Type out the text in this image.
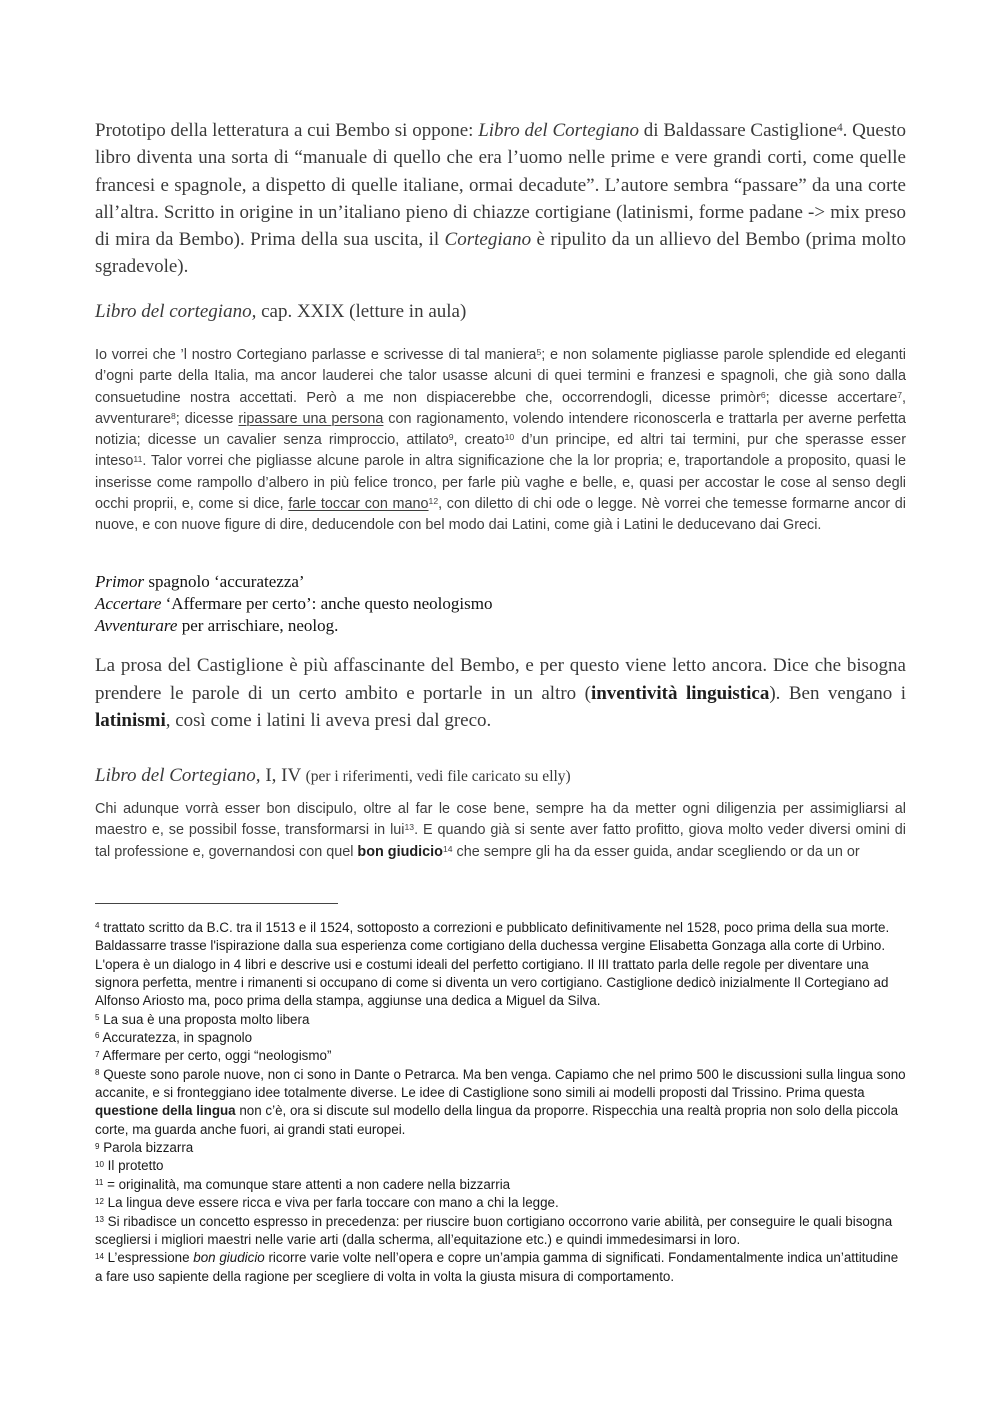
Prototipo della letteratura a cui Bembo si oppone: Libro del Cortegiano di Baldassare Castiglione$^4$. Questo libro diventa una sorta di “manuale di quello che era l’uomo nelle prime e vere grandi corti, come quelle francesi e spagnole, a dispetto di quelle italiane, ormai decadute”. L’autore sembra “passare” da una corte all’altra. Scritto in origine in un’italiano pieno di chiazze cortigiane (latinismi, forme padane -> mix preso di mira da Bembo). Prima della sua uscita, il Cortegiano è ripulito da un allievo del Bembo (prima molto sgradevole).

Libro del cortegiano, cap. XXIX (letture in aula)

Io vorrei che ’l nostro Cortegiano parlasse e scrivesse di tal maniera$^5$; e non solamente pigliasse parole splendide ed eleganti d’ogni parte della Italia, ma ancor lauderei che talor usasse alcuni di quei termini e franzesi e spagnoli, che già sono dalla consuetudine nostra accettati. Però a me non dispiacerebbe che, occorrendogli, dicesse primòr$^6$; dicesse accertare$^7$, avventurare$^8$; dicesse ripassare una persona con ragionamento, volendo intendere riconoscerla e trattarla per averne perfetta notizia; dicesse un cavalier senza rimproccio, attilato$^9$, creato$^{10}$ d’un principe, ed altri tai termini, pur che sperasse esser inteso$^{11}$. Talor vorrei che pigliasse alcune parole in altra significazione che la lor propria; e, traportandole a proposito, quasi le inserisse come rampollo d’albero in più felice tronco, per farle più vaghe e belle, e, quasi per accostar le cose al senso degli occhi proprii, e, come si dice, farle toccar con mano$^{12}$, con diletto di chi ode o legge. Nè vorrei che temesse formarne ancor di nuove, e con nuove figure di dire, deducendole con bel modo dai Latini, come già i Latini le deducevano dai Greci.

Primor spagnolo ‘accuratezza’
Accertare ‘Affermare per certo’: anche questo neologismo
Avventurare per arrischiare, neolog.

La prosa del Castiglione è più affascinante del Bembo, e per questo viene letto ancora. Dice che bisogna prendere le parole di un certo ambito e portarle in un altro (inventività linguistica). Ben vengano i latinismi, così come i latini li aveva presi dal greco.

Libro del Cortegiano, I, IV (per i riferimenti, vedi file caricato su elly)

Chi adunque vorrà esser bon discipulo, oltre al far le cose bene, sempre ha da metter ogni diligenzia per assimigliarsi al maestro e, se possibil fosse, transformarsi in lui$^{13}$. E quando già si sente aver fatto profitto, giova molto veder diversi omini di tal professione e, governandosi con quel bon giudicio$^{14}$ che sempre gli ha da esser guida, andar scegliendo or da un or

$^4$ trattato scritto da B.C. tra il 1513 e il 1524, sottoposto a correzioni e pubblicato definitivamente nel 1528, poco prima della sua morte. Baldassarre trasse l'ispirazione dalla sua esperienza come cortigiano della duchessa vergine Elisabetta Gonzaga alla corte di Urbino. L'opera è un dialogo in 4 libri e descrive usi e costumi ideali del perfetto cortigiano. Il III trattato parla delle regole per diventare una signora perfetta, mentre i rimanenti si occupano di come si diventa un vero cortigiano. Castiglione dedicò inizialmente Il Cortegiano ad Alfonso Ariosto ma, poco prima della stampa, aggiunse una dedica a Miguel da Silva.

$^5$ La sua è una proposta molto libera

$^6$ Accuratezza, in spagnolo

$^7$ Affermare per certo, oggi “neologismo”

$^8$ Queste sono parole nuove, non ci sono in Dante o Petrarca. Ma ben venga. Capiamo che nel primo 500 le discussioni sulla lingua sono accanite, e si fronteggiano idee totalmente diverse. Le idee di Castiglione sono simili ai modelli proposti dal Trissino. Prima questa questione della lingua non c’è, ora si discute sul modello della lingua da proporre. Rispecchia una realtà propria non solo della piccola corte, ma guarda anche fuori, ai grandi stati europei.

$^9$ Parola bizzarra

$^{10}$ Il protetto

$^{11}$ = originalità, ma comunque stare attenti a non cadere nella bizzarria

$^{12}$ La lingua deve essere ricca e viva per farla toccare con mano a chi la legge.

$^{13}$ Si ribadisce un concetto espresso in precedenza: per riuscire buon cortigiano occorrono varie abilità, per conseguire le quali bisogna scegliersi i migliori maestri nelle varie arti (dalla scherma, all’equitazione etc.) e quindi immedesimarsi in loro.

$^{14}$ L’espressione bon giudicio ricorre varie volte nell’opera e copre un’ampia gamma di significati. Fondamentalmente indica un’attitudine a fare uso sapiente della ragione per scegliere di volta in volta la giusta misura di comportamento.
